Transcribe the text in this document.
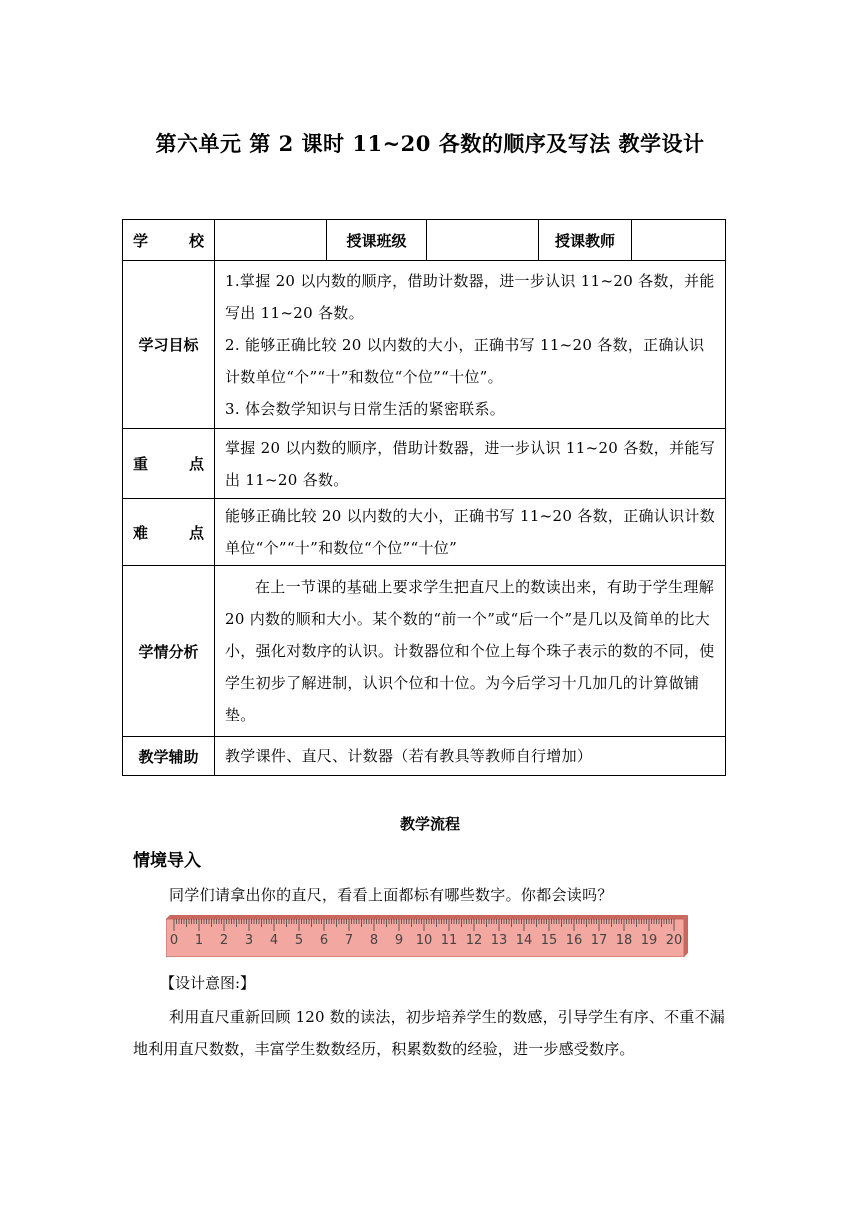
第六单元 第 2 课时 11~20 各数的顺序及写法 教学设计
学校		授课班级		授课教师	
学习目标	1.掌握 20 以内数的顺序，借助计数器，进一步认识 11~20 各数，并能写出 11~20 各数。
2. 能够正确比较 20 以内数的大小，正确书写 11~20 各数，正确认识计数单位“个”“十”和数位“个位”“十位”。
3. 体会数学知识与日常生活的紧密联系。				

重点	掌握 20 以内数的顺序，借助计数器，进一步认识 11~20 各数，并能写出 11~20 各数。				
难点	能够正确比较 20 以内数的大小，正确书写 11~20 各数，正确认识计数单位“个”“十”和数位“个位”“十位”				
学情分析	在上一节课的基础上要求学生把直尺上的数读出来，有助于学生理解 20 内数的顺和大小。某个数的“前一个”或“后一个”是几以及简单的比大小，强化对数序的认识。计数器位和个位上每个珠子表示的数的不同，使学生初步了解进制，认识个位和十位。为今后学习十几加几的计算做铺垫。				
教学辅助	教学课件、直尺、计数器（若有教具等教师自行增加）				
教学流程
情境导入
同学们请拿出你的直尺，看看上面都标有哪些数字。你都会读吗？
0 1 2 3 4 5 6 7 8 9 10 11 12 13 14 15 16 17 18 19 20
【设计意图:】
利用直尺重新回顾 120 数的读法，初步培养学生的数感，引导学生有序、不重不漏地利用直尺数数，丰富学生数数经历，积累数数的经验，进一步感受数序。
